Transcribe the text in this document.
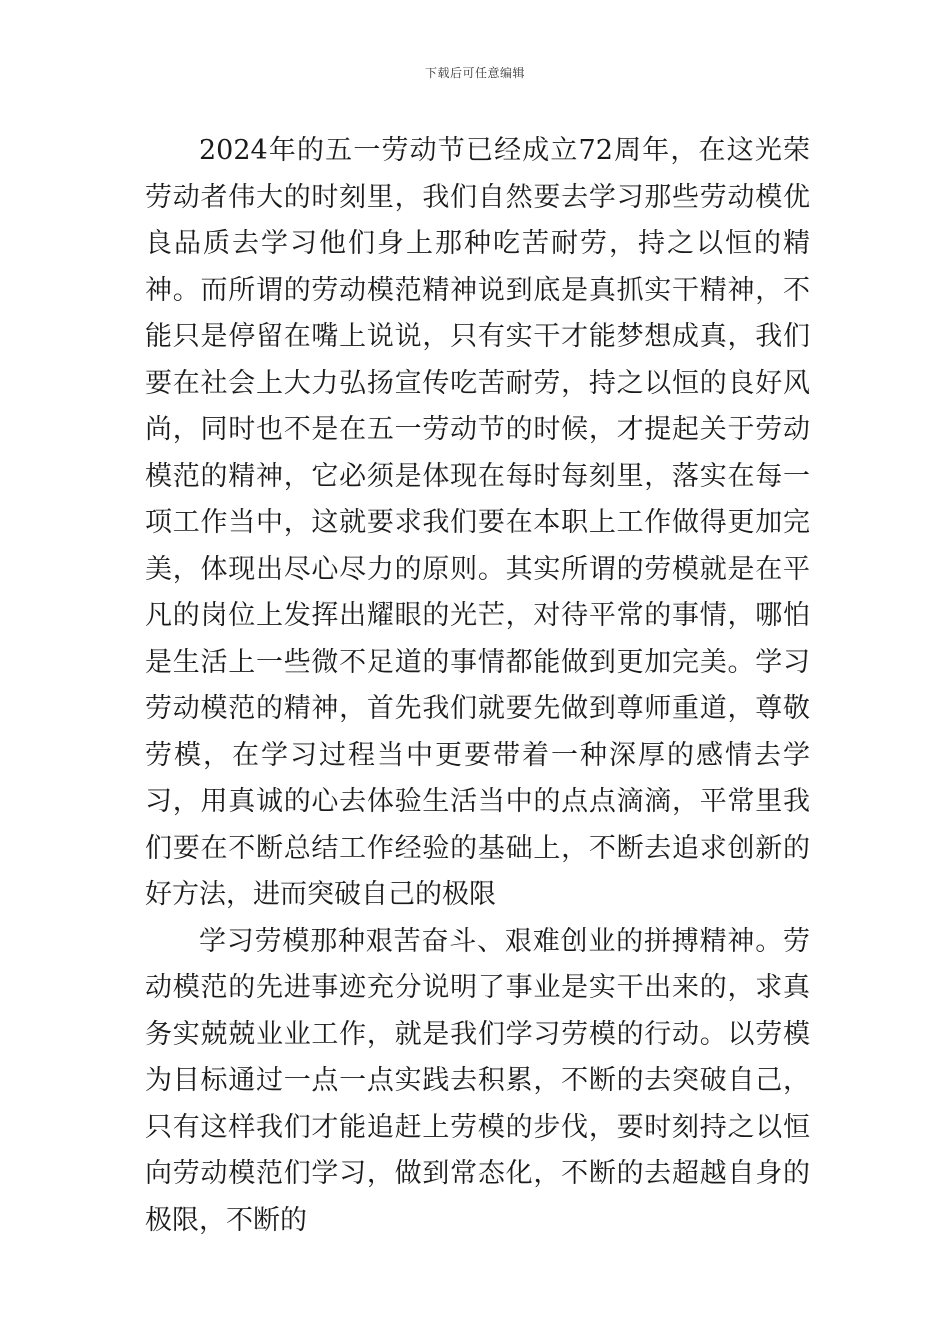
下载后可任意编辑

2024年的五一劳动节已经成立72周年，在这光荣劳动者伟大的时刻里，我们自然要去学习那些劳动模优良品质去学习他们身上那种吃苦耐劳，持之以恒的精神。而所谓的劳动模范精神说到底是真抓实干精神，不能只是停留在嘴上说说，只有实干才能梦想成真，我们要在社会上大力弘扬宣传吃苦耐劳，持之以恒的良好风尚，同时也不是在五一劳动节的时候，才提起关于劳动模范的精神，它必须是体现在每时每刻里，落实在每一项工作当中，这就要求我们要在本职上工作做得更加完美，体现出尽心尽力的原则。其实所谓的劳模就是在平凡的岗位上发挥出耀眼的光芒，对待平常的事情，哪怕是生活上一些微不足道的事情都能做到更加完美。学习劳动模范的精神，首先我们就要先做到尊师重道，尊敬劳模，在学习过程当中更要带着一种深厚的感情去学习，用真诚的心去体验生活当中的点点滴滴，平常里我们要在不断总结工作经验的基础上，不断去追求创新的好方法，进而突破自己的极限

学习劳模那种艰苦奋斗、艰难创业的拼搏精神。劳动模范的先进事迹充分说明了事业是实干出来的，求真务实兢兢业业工作，就是我们学习劳模的行动。以劳模为目标通过一点一点实践去积累，不断的去突破自己，只有这样我们才能追赶上劳模的步伐，要时刻持之以恒向劳动模范们学习，做到常态化，不断的去超越自身的极限，不断的
